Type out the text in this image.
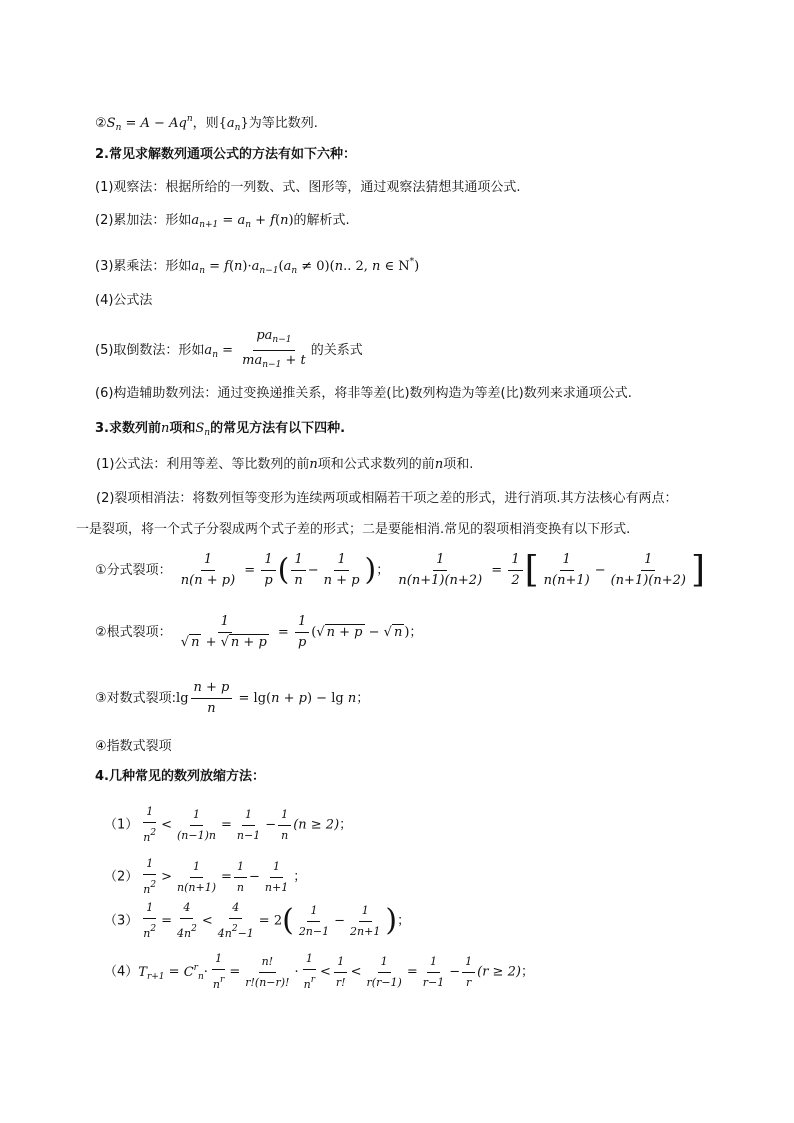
$②S_n = A - Aq^n$，则$\{a_n\}$为等比数列.
2.常见求解数列通项公式的方法有如下六种：
(1)观察法：根据所给的一列数、式、图形等，通过观察法猜想其通项公式.
(2)累加法：形如$a_{n+1} = a_n + f(n)$的解析式.
(3)累乘法：形如$a_n = f(n)\cdot a_{n-1}(a_n \ne 0)(n$.. 2, n ∈ N*)
(4)公式法
(5)取倒数法：形如$a_n = \frac{pa_{n-1}}{ma_{n-1} + t}$ 的关系式
(6)构造辅助数列法：通过变换递推关系，将非等差(比)数列构造为等差(比)数列来求通项公式.
3.求数列前n项和$S_n$的常见方法有以下四种.
(1)公式法：利用等差、等比数列的前n项和公式求数列的前n项和.
(2)裂项相消法：将数列恒等变形为连续两项或相隔若干项之差的形式，进行消项.其方法核心有两点：
一是裂项，将一个式子分裂成两个式子差的形式；二是要能相消.常见的裂项相消变换有以下形式.
①分式裂项： $\frac{1}{n(n + p)} = \frac{1}{p}$ ( $\frac{1}{n} - \frac{1}{n + p}$ )； $\frac{1}{n(n+1)(n+2)} = \frac{1}{2}$ [ $\frac{1}{n(n+1)} - \frac{1}{(n+1)(n+2)}$ ]
②根式裂项： $\frac{1}{√ n + √ n + p} = \frac{1}{p}$ (√ n + p − √ n )；
③对数式裂项:lg $\frac{n + p}{n} = \lg(n + p) - \lg n$；
④指数式裂项
4.几种常见的数列放缩方法：
$(1) \frac{1}{n^2} < \frac{1}{(n-1)n} = \frac{1}{n-1} - \frac{1}{n} (n \ge 2)$；
$(2) \frac{1}{n^2} > \frac{1}{n(n+1)} = \frac{1}{n} - \frac{1}{n+1}$ ；
$(3) \frac{1}{n^2} = \frac{4}{4n^2} < \frac{4}{4n^2-1} = 2( \frac{1}{2n-1} - \frac{1}{2n+1}$ )；
$(4)T_{r+1} = C^r_n\cdot \frac{1}{n^r} = \frac{n!}{r!(n-r)!} \cdot \frac{1}{n^r} < \frac{1}{r!} < \frac{1}{r(r-1)} = \frac{1}{r-1} - \frac{1}{r} (r \ge 2)$；
